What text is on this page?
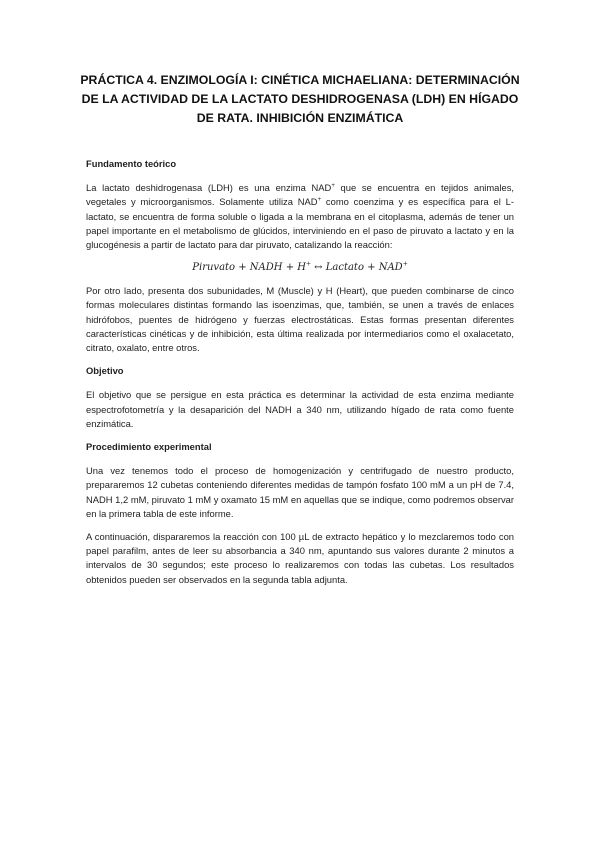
PRÁCTICA 4. ENZIMOLOGÍA I: CINÉTICA MICHAELIANA: DETERMINACIÓN DE LA ACTIVIDAD DE LA LACTATO DESHIDROGENASA (LDH) EN HÍGADO DE RATA. INHIBICIÓN ENZIMÁTICA
Fundamento teórico

La lactato deshidrogenasa (LDH) es una enzima NAD+ que se encuentra en tejidos animales, vegetales y microorganismos. Solamente utiliza NAD+ como coenzima y es específica para el L-lactato, se encuentra de forma soluble o ligada a la membrana en el citoplasma, además de tener un papel importante en el metabolismo de glúcidos, interviniendo en el paso de piruvato a lactato y en la glucogénesis a partir de lactato para dar piruvato, catalizando la reacción:

Piruvato + NADH + H+ ↔ Lactato + NAD+

Por otro lado, presenta dos subunidades, M (Muscle) y H (Heart), que pueden combinarse de cinco formas moleculares distintas formando las isoenzimas, que, también, se unen a través de enlaces hidrófobos, puentes de hidrógeno y fuerzas electrostáticas. Estas formas presentan diferentes características cinéticas y de inhibición, esta última realizada por intermediarios como el oxalacetato, citrato, oxalato, entre otros.

Objetivo

El objetivo que se persigue en esta práctica es determinar la actividad de esta enzima mediante espectrofotometría y la desaparición del NADH a 340 nm, utilizando hígado de rata como fuente enzimática.

Procedimiento experimental

Una vez tenemos todo el proceso de homogenización y centrifugado de nuestro producto, prepararemos 12 cubetas conteniendo diferentes medidas de tampón fosfato 100 mM a un pH de 7.4, NADH 1,2 mM, piruvato 1 mM y oxamato 15 mM en aquellas que se indique, como podremos observar en la primera tabla de este informe.

A continuación, dispararemos la reacción con 100 µL de extracto hepático y lo mezclaremos todo con papel parafilm, antes de leer su absorbancia a 340 nm, apuntando sus valores durante 2 minutos a intervalos de 30 segundos; este proceso lo realizaremos con todas las cubetas. Los resultados obtenidos pueden ser observados en la segunda tabla adjunta.
